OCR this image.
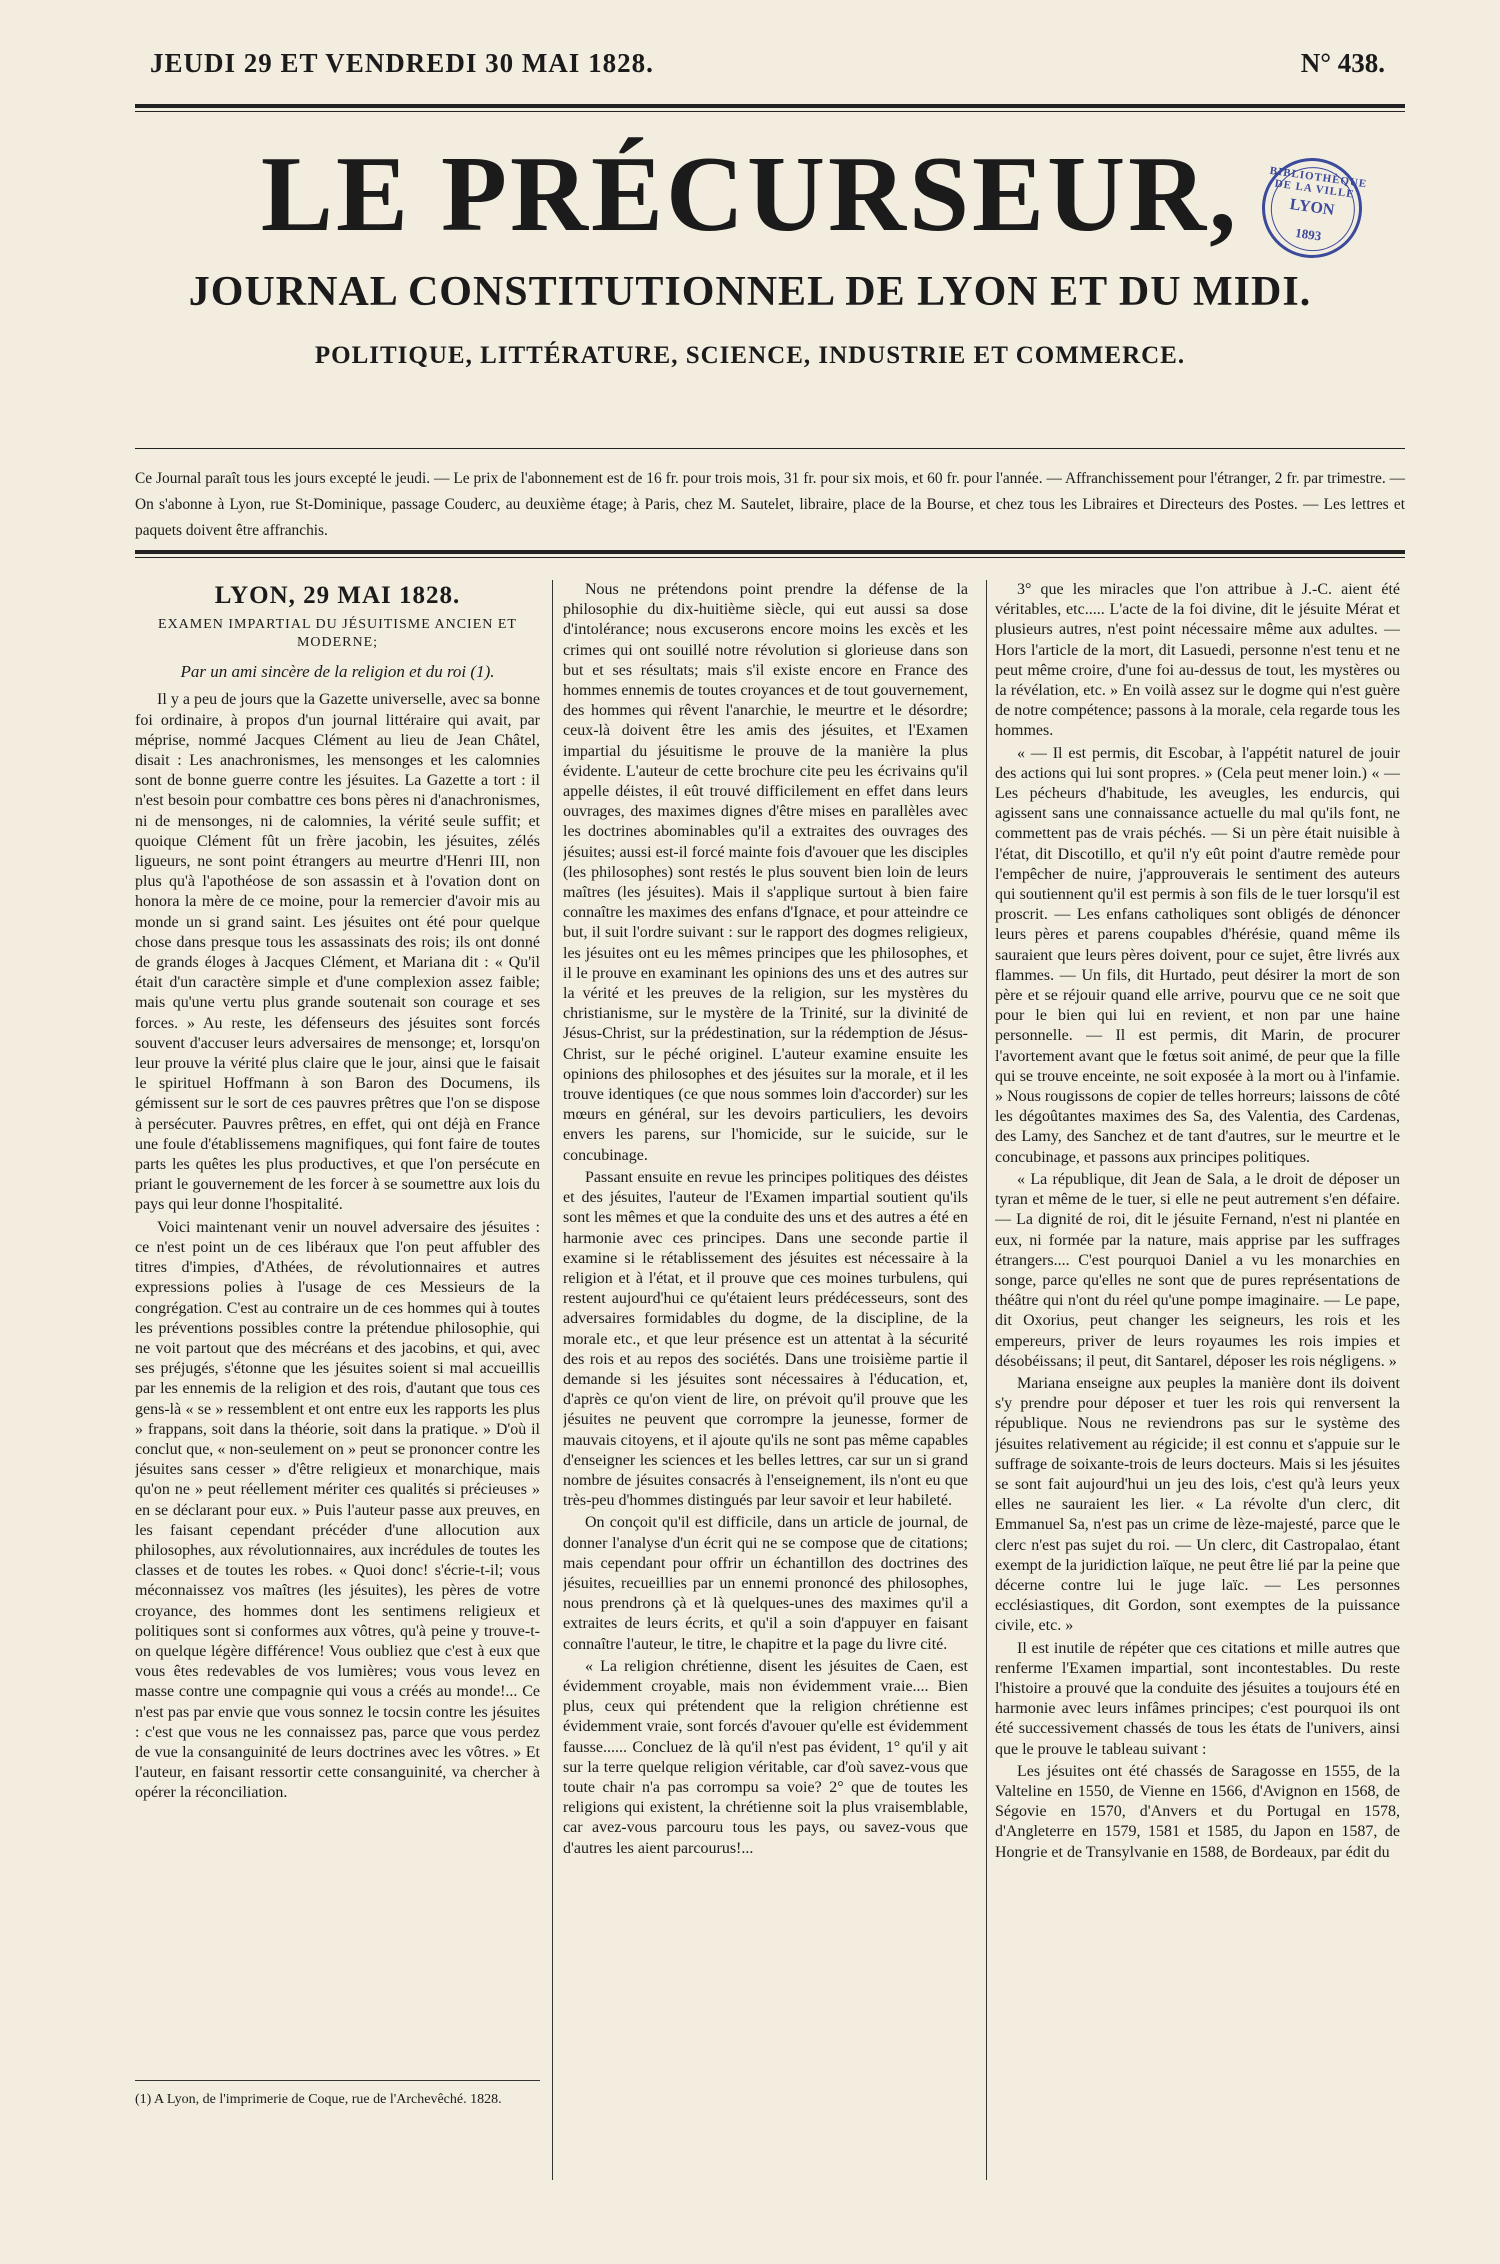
JEUDI 29 ET VENDREDI 30 MAI 1828.	N° 438.
LE PRÉCURSEUR,
JOURNAL CONSTITUTIONNEL DE LYON ET DU MIDI.
POLITIQUE, LITTÉRATURE, SCIENCE, INDUSTRIE ET COMMERCE.
BIBLIOTHÈQUE DE LA VILLE
LYON
1893
Ce Journal paraît tous les jours excepté le jeudi. — Le prix de l'abonnement est de 16 fr. pour trois mois, 31 fr. pour six mois, et 60 fr. pour l'année. — Affranchissement pour l'étranger, 2 fr. par trimestre. — On s'abonne à Lyon, rue St-Dominique, passage Couderc, au deuxième étage; à Paris, chez M. Sautelet, libraire, place de la Bourse, et chez tous les Libraires et Directeurs des Postes. — Les lettres et paquets doivent être affranchis.
LYON, 29 MAI 1828.
EXAMEN IMPARTIAL DU JÉSUITISME ANCIEN ET MODERNE;
Par un ami sincère de la religion et du roi (1).

Il y a peu de jours que la Gazette universelle, avec sa bonne foi ordinaire, à propos d'un journal littéraire qui avait, par méprise, nommé Jacques Clément au lieu de Jean Châtel, disait : Les anachronismes, les mensonges et les calomnies sont de bonne guerre contre les jésuites. La Gazette a tort : il n'est besoin pour combattre ces bons pères ni d'anachronismes, ni de mensonges, ni de calomnies, la vérité seule suffit; et quoique Clément fût un frère jacobin, les jésuites, zélés ligueurs, ne sont point étrangers au meurtre d'Henri III, non plus qu'à l'apothéose de son assassin et à l'ovation dont on honora la mère de ce moine, pour la remercier d'avoir mis au monde un si grand saint. Les jésuites ont été pour quelque chose dans presque tous les assassinats des rois; ils ont donné de grands éloges à Jacques Clément, et Mariana dit : « Qu'il était d'un caractère simple et d'une complexion assez faible; mais qu'une vertu plus grande soutenait son courage et ses forces. » Au reste, les défenseurs des jésuites sont forcés souvent d'accuser leurs adversaires de mensonge; et, lorsqu'on leur prouve la vérité plus claire que le jour, ainsi que le faisait le spirituel Hoffmann à son Baron des Documens, ils gémissent sur le sort de ces pauvres prêtres que l'on se dispose à persécuter. Pauvres prêtres, en effet, qui ont déjà en France une foule d'établissemens magnifiques, qui font faire de toutes parts les quêtes les plus productives, et que l'on persécute en priant le gouvernement de les forcer à se soumettre aux lois du pays qui leur donne l'hospitalité.

Voici maintenant venir un nouvel adversaire des jésuites : ce n'est point un de ces libéraux que l'on peut affubler des titres d'impies, d'Athées, de révolutionnaires et autres expressions polies à l'usage de ces Messieurs de la congrégation. C'est au contraire un de ces hommes qui à toutes les préventions possibles contre la prétendue philosophie, qui ne voit partout que des mécréans et des jacobins, et qui, avec ses préjugés, s'étonne que les jésuites soient si mal accueillis par les ennemis de la religion et des rois, d'autant que tous ces gens-là « se » ressemblent et ont entre eux les rapports les plus » frappans, soit dans la théorie, soit dans la pratique. » D'où il conclut que, « non-seulement on » peut se prononcer contre les jésuites sans cesser » d'être religieux et monarchique, mais qu'on ne » peut réellement mériter ces qualités si précieuses » en se déclarant pour eux. » Puis l'auteur passe aux preuves, en les faisant cependant précéder d'une allocution aux philosophes, aux révolutionnaires, aux incrédules de toutes les classes et de toutes les robes. « Quoi donc! s'écrie-t-il; vous méconnaissez vos maîtres (les jésuites), les pères de votre croyance, des hommes dont les sentimens religieux et politiques sont si conformes aux vôtres, qu'à peine y trouve-t-on quelque légère différence! Vous oubliez que c'est à eux que vous êtes redevables de vos lumières; vous vous levez en masse contre une compagnie qui vous a créés au monde!... Ce n'est pas par envie que vous sonnez le tocsin contre les jésuites : c'est que vous ne les connaissez pas, parce que vous perdez de vue la consanguinité de leurs doctrines avec les vôtres. » Et l'auteur, en faisant ressortir cette consanguinité, va chercher à opérer la réconciliation.

(1) A Lyon, de l'imprimerie de Coque, rue de l'Archevêché. 1828.

Nous ne prétendons point prendre la défense de la philosophie du dix-huitième siècle, qui eut aussi sa dose d'intolérance; nous excuserons encore moins les excès et les crimes qui ont souillé notre révolution si glorieuse dans son but et ses résultats; mais s'il existe encore en France des hommes ennemis de toutes croyances et de tout gouvernement, des hommes qui rêvent l'anarchie, le meurtre et le désordre; ceux-là doivent être les amis des jésuites, et l'Examen impartial du jésuitisme le prouve de la manière la plus évidente. L'auteur de cette brochure cite peu les écrivains qu'il appelle déistes, il eût trouvé difficilement en effet dans leurs ouvrages, des maximes dignes d'être mises en parallèles avec les doctrines abominables qu'il a extraites des ouvrages des jésuites; aussi est-il forcé mainte fois d'avouer que les disciples (les philosophes) sont restés le plus souvent bien loin de leurs maîtres (les jésuites). Mais il s'applique surtout à bien faire connaître les maximes des enfans d'Ignace, et pour atteindre ce but, il suit l'ordre suivant : sur le rapport des dogmes religieux, les jésuites ont eu les mêmes principes que les philosophes, et il le prouve en examinant les opinions des uns et des autres sur la vérité et les preuves de la religion, sur les mystères du christianisme, sur le mystère de la Trinité, sur la divinité de Jésus-Christ, sur la prédestination, sur la rédemption de Jésus-Christ, sur le péché originel. L'auteur examine ensuite les opinions des philosophes et des jésuites sur la morale, et il les trouve identiques (ce que nous sommes loin d'accorder) sur les mœurs en général, sur les devoirs particuliers, les devoirs envers les parens, sur l'homicide, sur le suicide, sur le concubinage.

Passant ensuite en revue les principes politiques des déistes et des jésuites, l'auteur de l'Examen impartial soutient qu'ils sont les mêmes et que la conduite des uns et des autres a été en harmonie avec ces principes. Dans une seconde partie il examine si le rétablissement des jésuites est nécessaire à la religion et à l'état, et il prouve que ces moines turbulens, qui restent aujourd'hui ce qu'étaient leurs prédécesseurs, sont des adversaires formidables du dogme, de la discipline, de la morale etc., et que leur présence est un attentat à la sécurité des rois et au repos des sociétés. Dans une troisième partie il demande si les jésuites sont nécessaires à l'éducation, et, d'après ce qu'on vient de lire, on prévoit qu'il prouve que les jésuites ne peuvent que corrompre la jeunesse, former de mauvais citoyens, et il ajoute qu'ils ne sont pas même capables d'enseigner les sciences et les belles lettres, car sur un si grand nombre de jésuites consacrés à l'enseignement, ils n'ont eu que très-peu d'hommes distingués par leur savoir et leur habileté.

On conçoit qu'il est difficile, dans un article de journal, de donner l'analyse d'un écrit qui ne se compose que de citations; mais cependant pour offrir un échantillon des doctrines des jésuites, recueillies par un ennemi prononcé des philosophes, nous prendrons çà et là quelques-unes des maximes qu'il a extraites de leurs écrits, et qu'il a soin d'appuyer en faisant connaître l'auteur, le titre, le chapitre et la page du livre cité.

« La religion chrétienne, disent les jésuites de Caen, est évidemment croyable, mais non évidemment vraie.... Bien plus, ceux qui prétendent que la religion chrétienne est évidemment vraie, sont forcés d'avouer qu'elle est évidemment fausse...... Concluez de là qu'il n'est pas évident, 1° qu'il y ait sur la terre quelque religion véritable, car d'où savez-vous que toute chair n'a pas corrompu sa voie? 2° que de toutes les religions qui existent, la chrétienne soit la plus vraisemblable, car avez-vous parcouru tous les pays, ou savez-vous que d'autres les aient parcourus!...

3° que les miracles que l'on attribue à J.-C. aient été véritables, etc..... L'acte de la foi divine, dit le jésuite Mérat et plusieurs autres, n'est point nécessaire même aux adultes. — Hors l'article de la mort, dit Lasuedi, personne n'est tenu et ne peut même croire, d'une foi au-dessus de tout, les mystères ou la révélation, etc. » En voilà assez sur le dogme qui n'est guère de notre compétence; passons à la morale, cela regarde tous les hommes.

« — Il est permis, dit Escobar, à l'appétit naturel de jouir des actions qui lui sont propres. » (Cela peut mener loin.) « — Les pécheurs d'habitude, les aveugles, les endurcis, qui agissent sans une connaissance actuelle du mal qu'ils font, ne commettent pas de vrais péchés. — Si un père était nuisible à l'état, dit Discotillo, et qu'il n'y eût point d'autre remède pour l'empêcher de nuire, j'approuverais le sentiment des auteurs qui soutiennent qu'il est permis à son fils de le tuer lorsqu'il est proscrit. — Les enfans catholiques sont obligés de dénoncer leurs pères et parens coupables d'hérésie, quand même ils sauraient que leurs pères doivent, pour ce sujet, être livrés aux flammes. — Un fils, dit Hurtado, peut désirer la mort de son père et se réjouir quand elle arrive, pourvu que ce ne soit que pour le bien qui lui en revient, et non par une haine personnelle. — Il est permis, dit Marin, de procurer l'avortement avant que le fœtus soit animé, de peur que la fille qui se trouve enceinte, ne soit exposée à la mort ou à l'infamie. » Nous rougissons de copier de telles horreurs; laissons de côté les dégoûtantes maximes des Sa, des Valentia, des Cardenas, des Lamy, des Sanchez et de tant d'autres, sur le meurtre et le concubinage, et passons aux principes politiques.

« La république, dit Jean de Sala, a le droit de déposer un tyran et même de le tuer, si elle ne peut autrement s'en défaire. — La dignité de roi, dit le jésuite Fernand, n'est ni plantée en eux, ni formée par la nature, mais apprise par les suffrages étrangers.... C'est pourquoi Daniel a vu les monarchies en songe, parce qu'elles ne sont que de pures représentations de théâtre qui n'ont du réel qu'une pompe imaginaire. — Le pape, dit Oxorius, peut changer les seigneurs, les rois et les empereurs, priver de leurs royaumes les rois impies et désobéissans; il peut, dit Santarel, déposer les rois négligens. »

Mariana enseigne aux peuples la manière dont ils doivent s'y prendre pour déposer et tuer les rois qui renversent la république. Nous ne reviendrons pas sur le système des jésuites relativement au régicide; il est connu et s'appuie sur le suffrage de soixante-trois de leurs docteurs. Mais si les jésuites se sont fait aujourd'hui un jeu des lois, c'est qu'à leurs yeux elles ne sauraient les lier. « La révolte d'un clerc, dit Emmanuel Sa, n'est pas un crime de lèze-majesté, parce que le clerc n'est pas sujet du roi. — Un clerc, dit Castropalao, étant exempt de la juridiction laïque, ne peut être lié par la peine que décerne contre lui le juge laïc. — Les personnes ecclésiastiques, dit Gordon, sont exemptes de la puissance civile, etc. »

Il est inutile de répéter que ces citations et mille autres que renferme l'Examen impartial, sont incontestables. Du reste l'histoire a prouvé que la conduite des jésuites a toujours été en harmonie avec leurs infâmes principes; c'est pourquoi ils ont été successivement chassés de tous les états de l'univers, ainsi que le prouve le tableau suivant :

Les jésuites ont été chassés de Saragosse en 1555, de la Valteline en 1550, de Vienne en 1566, d'Avignon en 1568, de Ségovie en 1570, d'Anvers et du Portugal en 1578, d'Angleterre en 1579, 1581 et 1585, du Japon en 1587, de Hongrie et de Transylvanie en 1588, de Bordeaux, par édit du
